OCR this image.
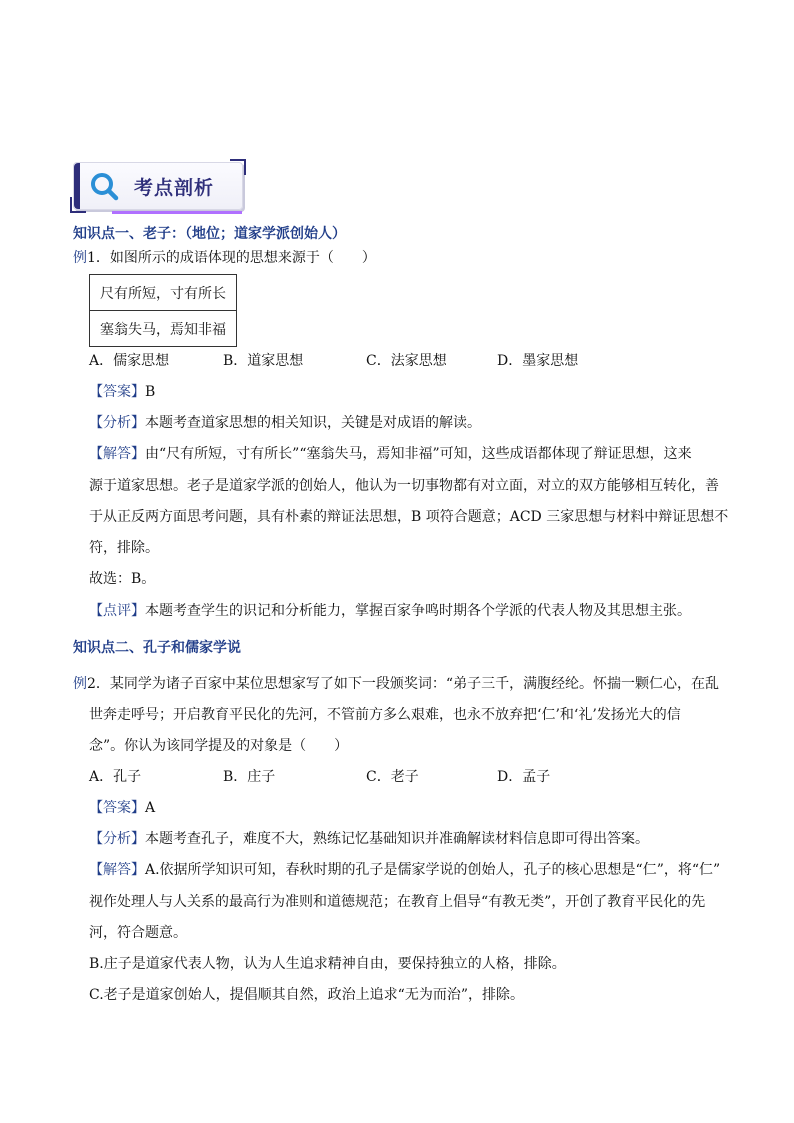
考点剖析
知识点一、老子：（地位；道家学派创始人）
例1．如图所示的成语体现的思想来源于（　　）
尺有所短，寸有所长
塞翁失马，焉知非福
A．儒家思想	B．道家思想	C．法家思想	D．墨家思想
【答案】B
【分析】本题考查道家思想的相关知识，关键是对成语的解读。
【解答】由“尺有所短，寸有所长”“塞翁失马，焉知非福”可知，这些成语都体现了辩证思想，这来
源于道家思想。老子是道家学派的创始人，他认为一切事物都有对立面，对立的双方能够相互转化，善
于从正反两方面思考问题，具有朴素的辩证法思想，B 项符合题意；ACD 三家思想与材料中辩证思想不
符，排除。
故选：B。
【点评】本题考查学生的识记和分析能力，掌握百家争鸣时期各个学派的代表人物及其思想主张。
知识点二、孔子和儒家学说
例2．某同学为诸子百家中某位思想家写了如下一段颁奖词：“弟子三千，满腹经纶。怀揣一颗仁心，在乱
世奔走呼号；开启教育平民化的先河，不管前方多么艰难，也永不放弃把‘仁’和‘礼’发扬光大的信
念”。你认为该同学提及的对象是（　　）
A．孔子	B．庄子	C．老子	D．孟子
【答案】A
【分析】本题考查孔子，难度不大，熟练记忆基础知识并准确解读材料信息即可得出答案。
【解答】A.依据所学知识可知，春秋时期的孔子是儒家学说的创始人，孔子的核心思想是“仁”，将“仁”
视作处理人与人关系的最高行为准则和道德规范；在教育上倡导“有教无类”，开创了教育平民化的先
河，符合题意。
B.庄子是道家代表人物，认为人生追求精神自由，要保持独立的人格，排除。
C.老子是道家创始人，提倡顺其自然，政治上追求“无为而治”，排除。
